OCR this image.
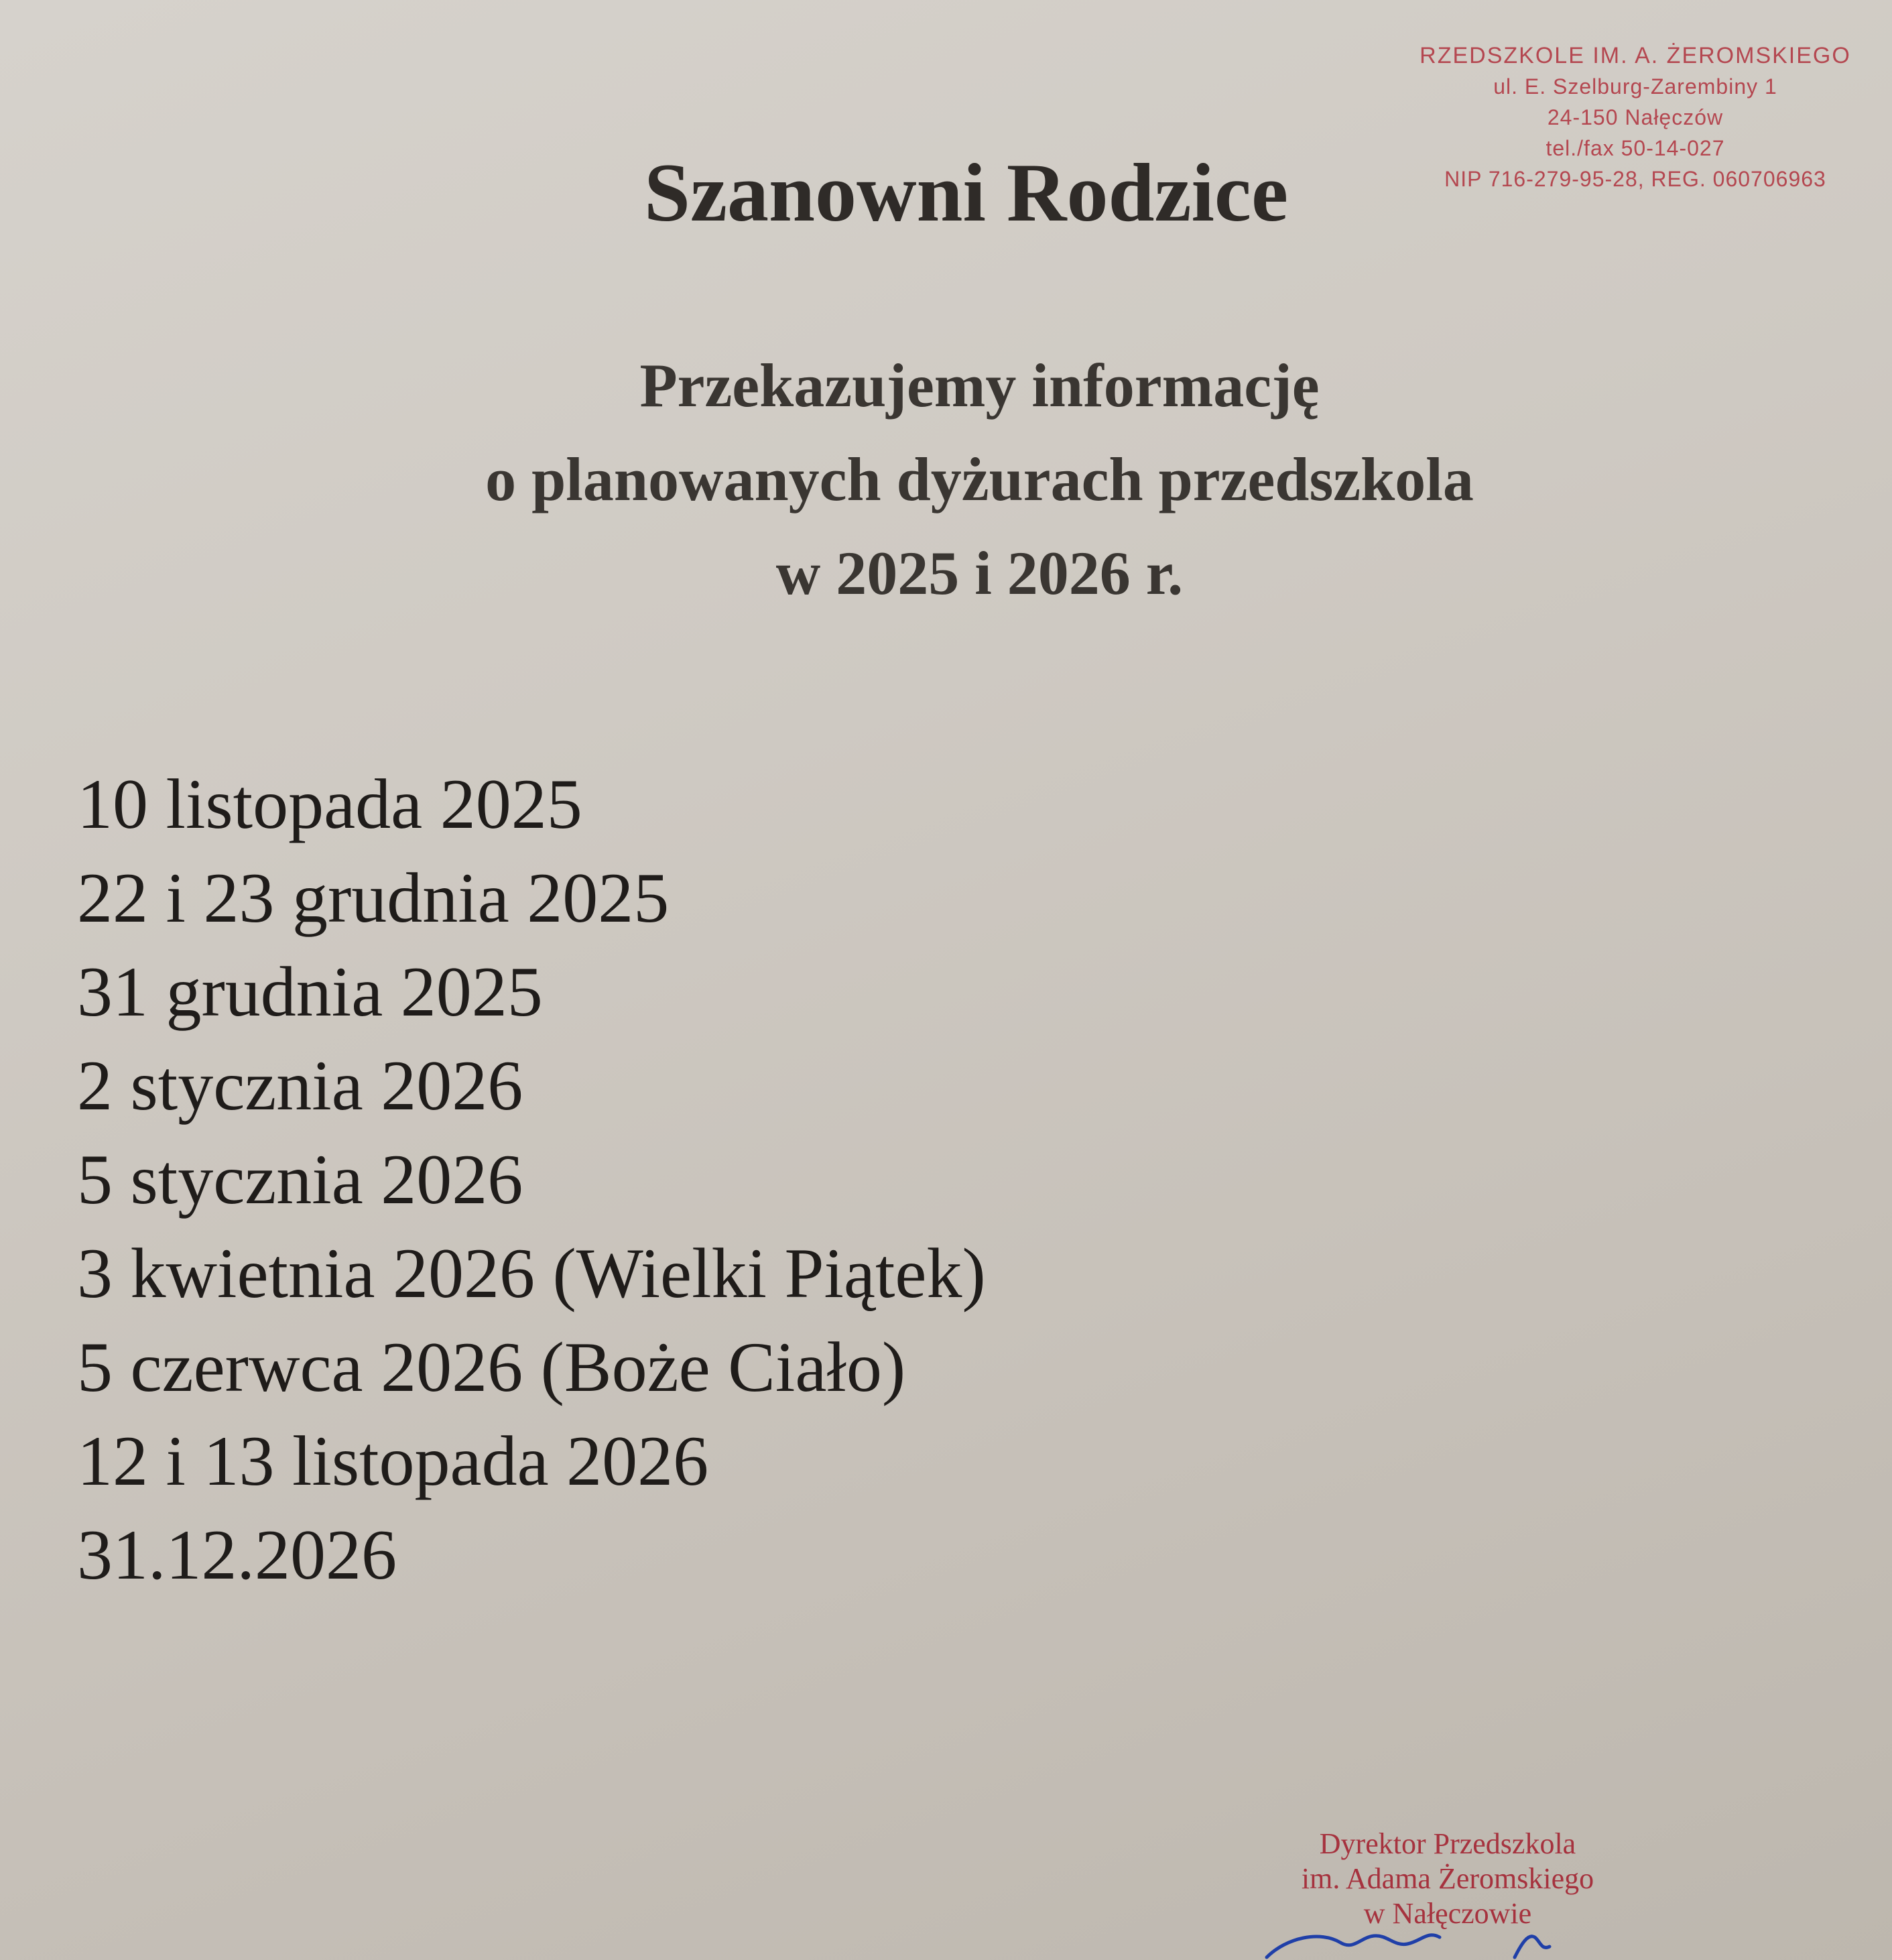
RZEDSZKOLE IM. A. ŻEROMSKIEGO
ul. E. Szelburg-Zarembiny 1
24-150 Nałęczów
tel./fax 50-14-027
NIP 716-279-95-28, REG. 060706963
Szanowni Rodzice
Przekazujemy informację
o planowanych dyżurach przedszkola
w 2025 i 2026 r.
10 listopada 2025
22 i 23 grudnia 2025
31 grudnia 2025
2 stycznia 2026
5 stycznia 2026
3 kwietnia 2026 (Wielki Piątek)
5 czerwca 2026 (Boże Ciało)
12 i 13 listopada 2026
31.12.2026
Dyrektor Przedszkola
im. Adama Żeromskiego
w Nałęczowie
